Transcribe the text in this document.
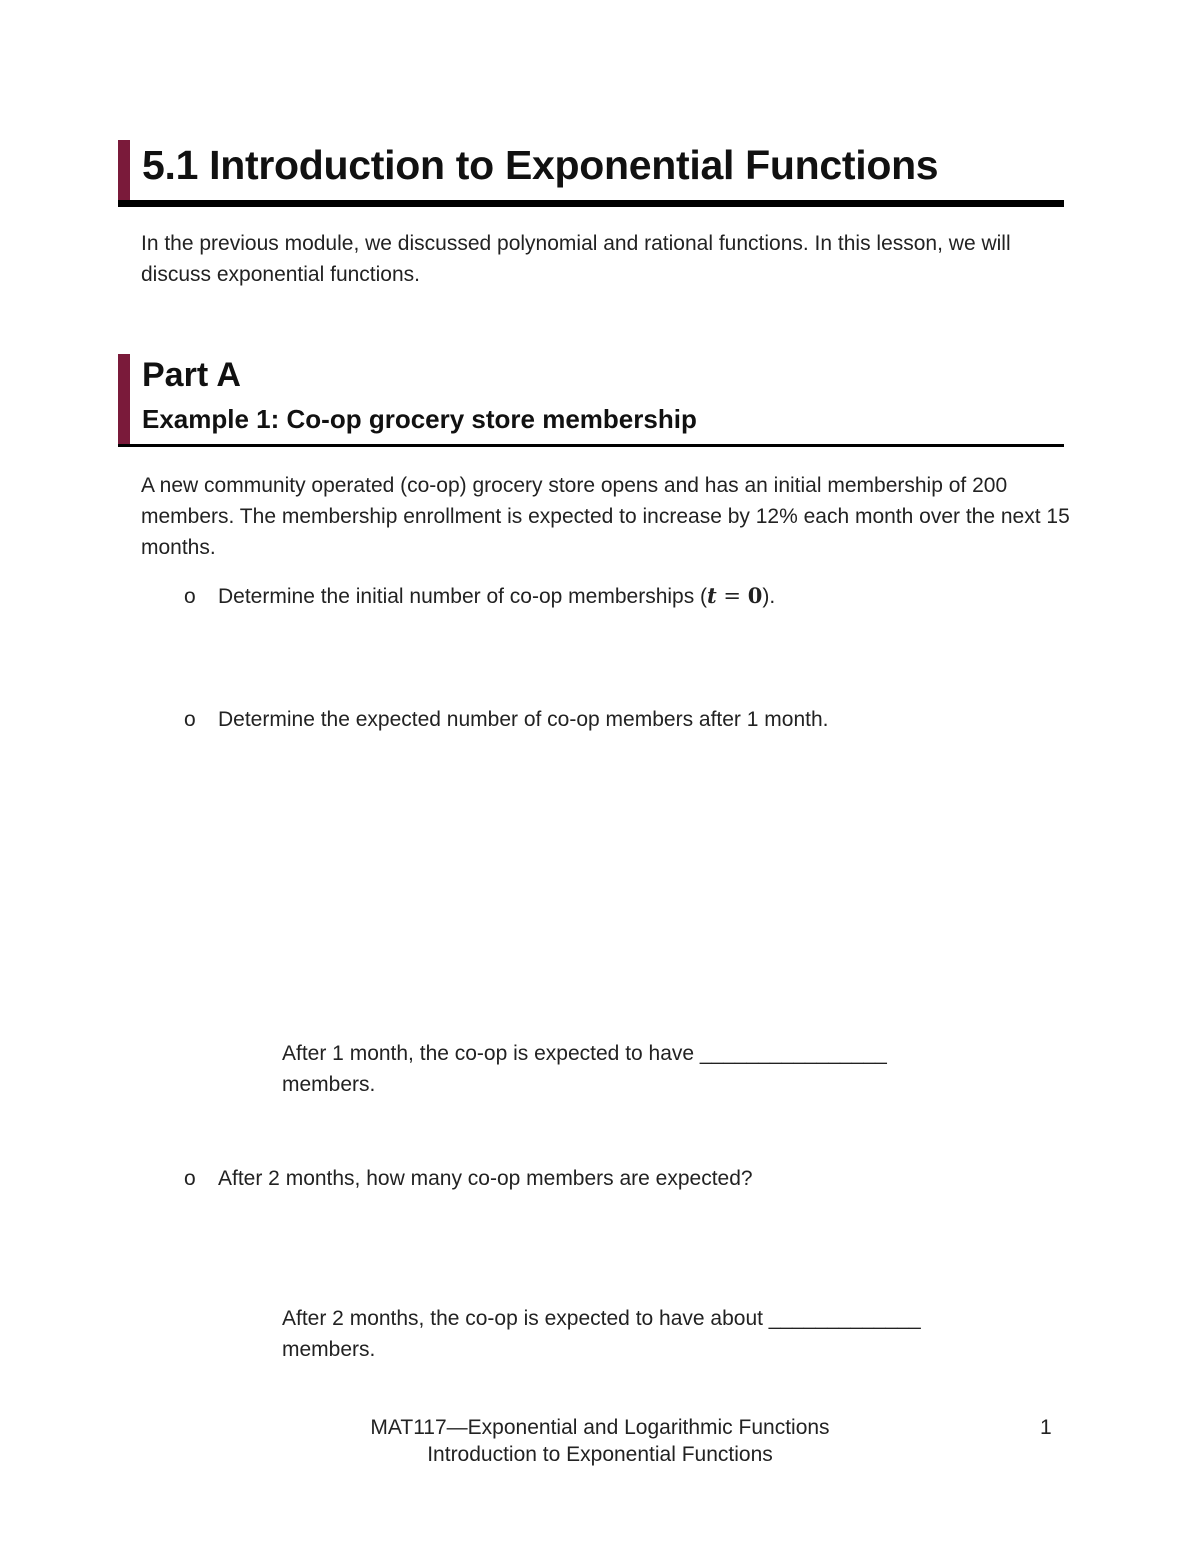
5.1 Introduction to Exponential Functions
In the previous module, we discussed polynomial and rational functions. In this lesson, we will discuss exponential functions.
Part A
Example 1: Co-op grocery store membership
A new community operated (co-op) grocery store opens and has an initial membership of 200 members. The membership enrollment is expected to increase by 12% each month over the next 15 months.
o Determine the initial number of co-op memberships (t = 0).
o Determine the expected number of co-op members after 1 month.
After 1 month, the co-op is expected to have ________________
members.
o After 2 months, how many co-op members are expected?
After 2 months, the co-op is expected to have about _____________
members.
MAT117—Exponential and Logarithmic Functions
Introduction to Exponential Functions
1
